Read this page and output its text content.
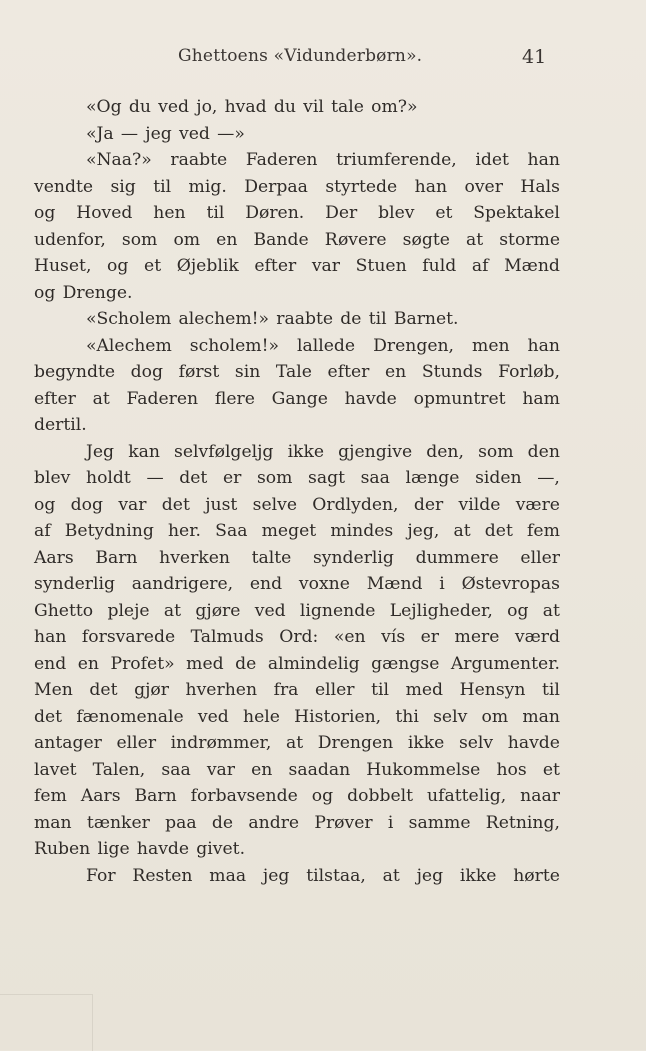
Ghettoens «Vidunderbørn».	41
«Og du ved jo, hvad du vil tale om?»
«Ja — jeg ved —»
«Naa?» raabte Faderen triumferende, idet han
vendte sig til mig. Derpaa styrtede han over Hals
og Hoved hen til Døren. Der blev et Spektakel
udenfor, som om en Bande Røvere søgte at storme
Huset, og et Øjeblik efter var Stuen fuld af Mænd
og Drenge.
«Scholem alechem!» raabte de til Barnet.
«Alechem scholem!» lallede Drengen, men han
begyndte dog først sin Tale efter en Stunds Forløb,
efter at Faderen flere Gange havde opmuntret ham
dertil.
Jeg kan selvfølgeljg ikke gjengive den, som den
blev holdt — det er som sagt saa længe siden —,
og dog var det just selve Ordlyden, der vilde være
af Betydning her. Saa meget mindes jeg, at det fem
Aars Barn hverken talte synderlig dummere eller
synderlig aandrigere, end voxne Mænd i Østevropas
Ghetto pleje at gjøre ved lignende Lejligheder, og at
han forsvarede Talmuds Ord: «en vís er mere værd
end en Profet» med de almindelig gængse Argumenter.
Men det gjør hverhen fra eller til med Hensyn til
det fænomenale ved hele Historien, thi selv om man
antager eller indrømmer, at Drengen ikke selv havde
lavet Talen, saa var en saadan Hukommelse hos et
fem Aars Barn forbavsende og dobbelt ufattelig, naar
man tænker paa de andre Prøver i samme Retning,
Ruben lige havde givet.
For Resten maa jeg tilstaa, at jeg ikke hørte
